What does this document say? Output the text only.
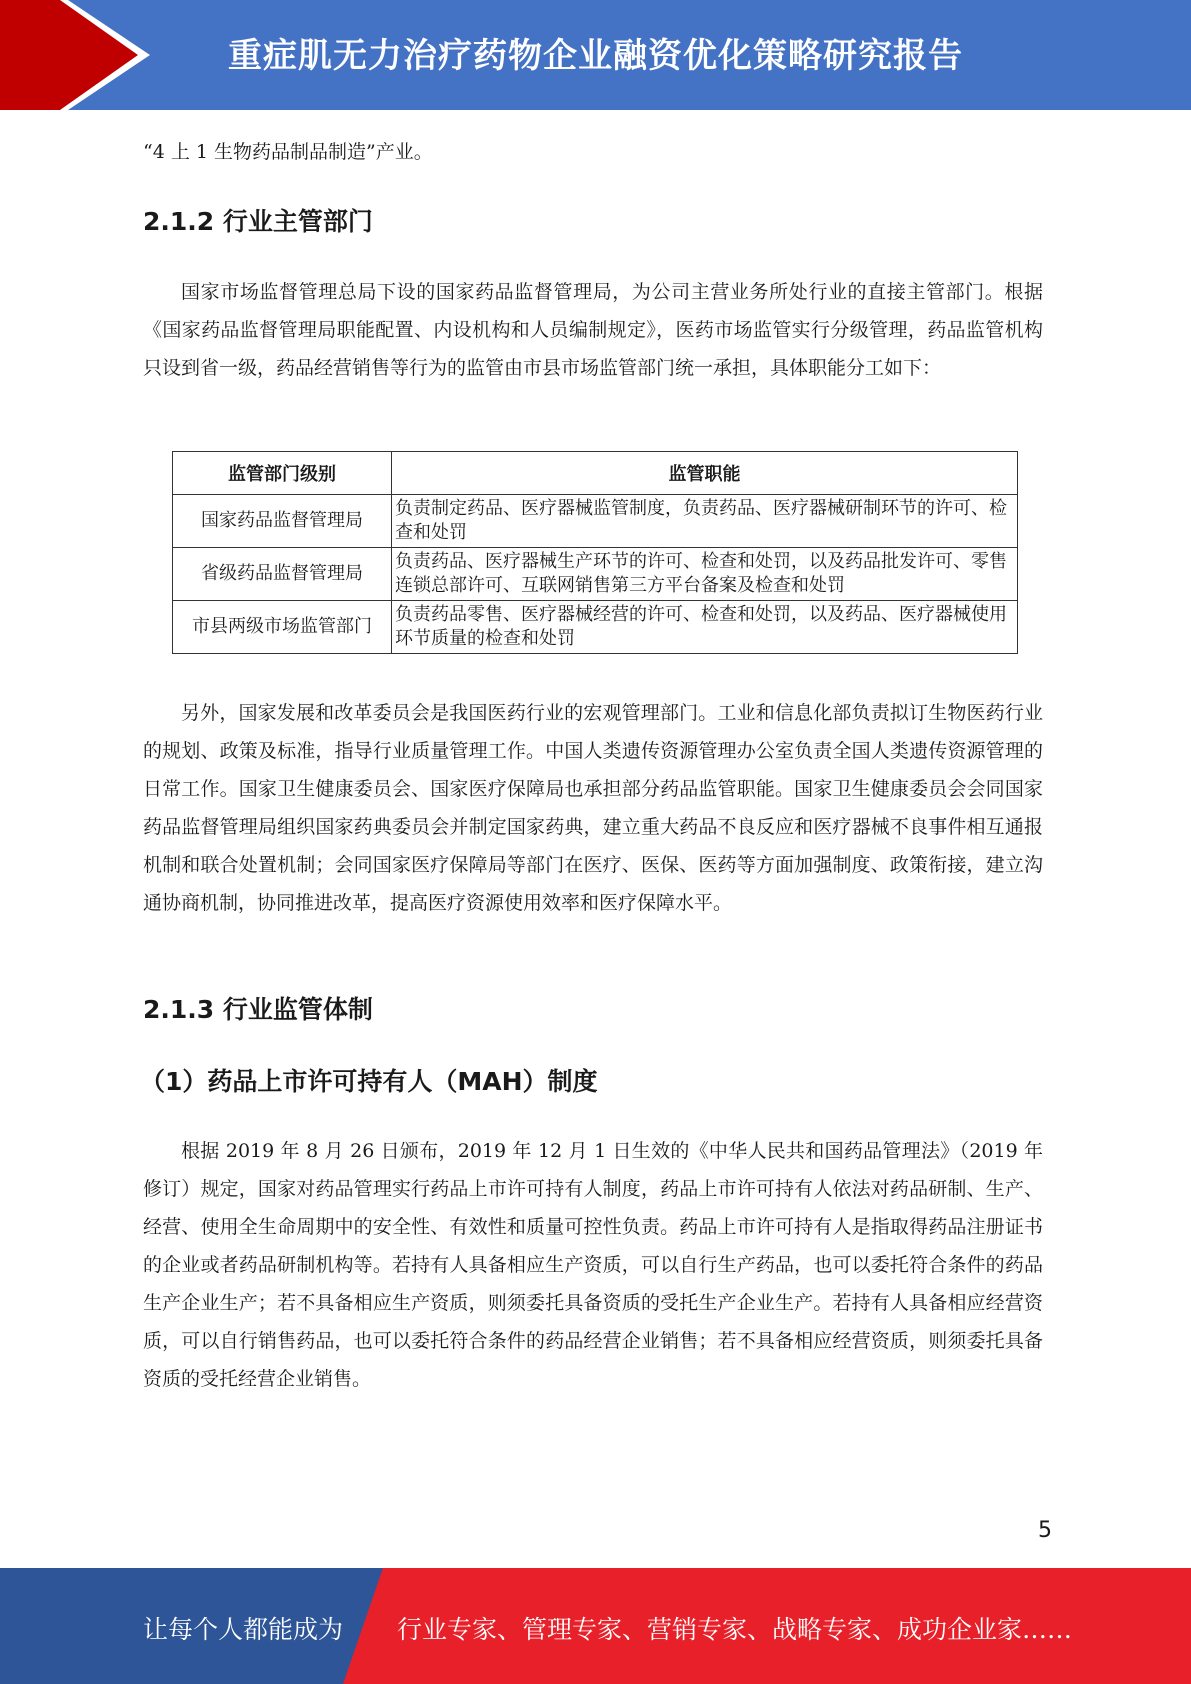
重症肌无力治疗药物企业融资优化策略研究报告

“4 上 1 生物药品制品制造”产业。

2.1.2 行业主管部门

国家市场监督管理总局下设的国家药品监督管理局，为公司主营业务所处行业的直接主管部门。根据《国家药品监督管理局职能配置、内设机构和人员编制规定》，医药市场监管实行分级管理，药品监管机构只设到省一级，药品经营销售等行为的监管由市县市场监管部门统一承担，具体职能分工如下：

监管部门级别	监管职能
国家药品监督管理局	负责制定药品、医疗器械监管制度，负责药品、医疗器械研制环节的许可、检查和处罚
省级药品监督管理局	负责药品、医疗器械生产环节的许可、检查和处罚，以及药品批发许可、零售连锁总部许可、互联网销售第三方平台备案及检查和处罚
市县两级市场监管部门	负责药品零售、医疗器械经营的许可、检查和处罚，以及药品、医疗器械使用环节质量的检查和处罚

另外，国家发展和改革委员会是我国医药行业的宏观管理部门。工业和信息化部负责拟订生物医药行业的规划、政策及标准，指导行业质量管理工作。中国人类遗传资源管理办公室负责全国人类遗传资源管理的日常工作。国家卫生健康委员会、国家医疗保障局也承担部分药品监管职能。国家卫生健康委员会会同国家药品监督管理局组织国家药典委员会并制定国家药典，建立重大药品不良反应和医疗器械不良事件相互通报机制和联合处置机制；会同国家医疗保障局等部门在医疗、医保、医药等方面加强制度、政策衔接，建立沟通协商机制，协同推进改革，提高医疗资源使用效率和医疗保障水平。

2.1.3 行业监管体制
（1）药品上市许可持有人（MAH）制度

根据 2019 年 8 月 26 日颁布，2019 年 12 月 1 日生效的《中华人民共和国药品管理法》（2019 年修订）规定，国家对药品管理实行药品上市许可持有人制度，药品上市许可持有人依法对药品研制、生产、经营、使用全生命周期中的安全性、有效性和质量可控性负责。药品上市许可持有人是指取得药品注册证书的企业或者药品研制机构等。若持有人具备相应生产资质，可以自行生产药品，也可以委托符合条件的药品生产企业生产；若不具备相应生产资质，则须委托具备资质的受托生产企业生产。若持有人具备相应经营资质，可以自行销售药品，也可以委托符合条件的药品经营企业销售；若不具备相应经营资质，则须委托具备资质的受托经营企业销售。

5
让每个人都能成为 行业专家、管理专家、营销专家、战略专家、成功企业家……
